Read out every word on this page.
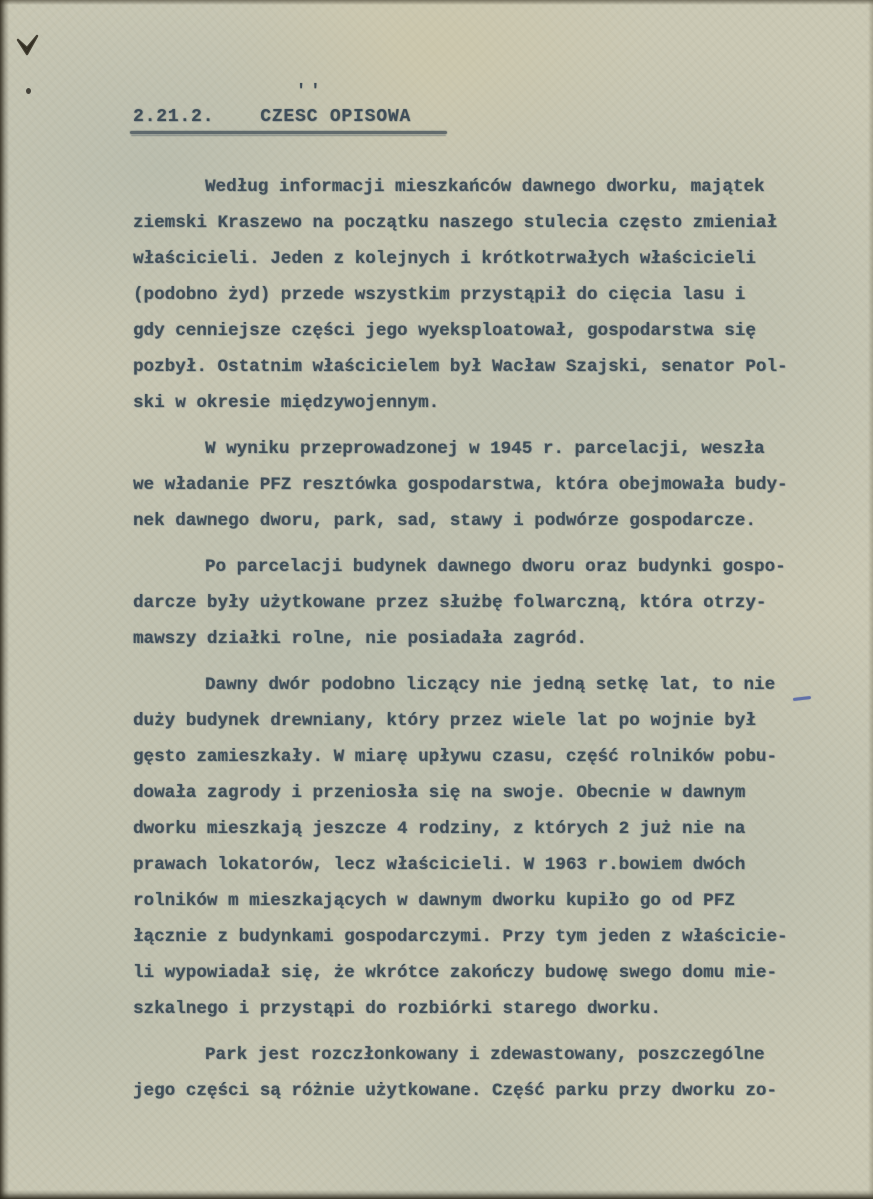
2.21.2.	CZESC OPISOWA
''
Według informacji mieszkańców dawnego dworku, majątek
ziemski Kraszewo na początku naszego stulecia często zmieniał
właścicieli. Jeden z kolejnych i krótkotrwałych właścicieli
(podobno żyd) przede wszystkim przystąpił do cięcia lasu i
gdy cenniejsze części jego wyeksploatował, gospodarstwa się
pozbył. Ostatnim właścicielem był Wacław Szajski, senator Pol-
ski w okresie międzywojennym.
W wyniku przeprowadzonej w 1945 r. parcelacji, weszła
we władanie PFZ resztówka gospodarstwa, która obejmowała budy-
nek dawnego dworu, park, sad, stawy i podwórze gospodarcze.
Po parcelacji budynek dawnego dworu oraz budynki gospo-
darcze były użytkowane przez służbę folwarczną, która otrzy-
mawszy działki rolne, nie posiadała zagród.
Dawny dwór podobno liczący nie jedną setkę lat, to nie
duży budynek drewniany, który przez wiele lat po wojnie był
gęsto zamieszkały. W miarę upływu czasu, część rolników pobu-
dowała zagrody i przeniosła się na swoje. Obecnie w dawnym
dworku mieszkają jeszcze 4 rodziny, z których 2 już nie na
prawach lokatorów, lecz właścicieli. W 1963 r.bowiem dwóch
rolników m mieszkających w dawnym dworku kupiło go od PFZ
łącznie z budynkami gospodarczymi. Przy tym jeden z właścicie-
li wypowiadał się, że wkrótce zakończy budowę swego domu mie-
szkalnego i przystąpi do rozbiórki starego dworku.
Park jest rozczłonkowany i zdewastowany, poszczególne
jego części są różnie użytkowane. Część parku przy dworku zo-
